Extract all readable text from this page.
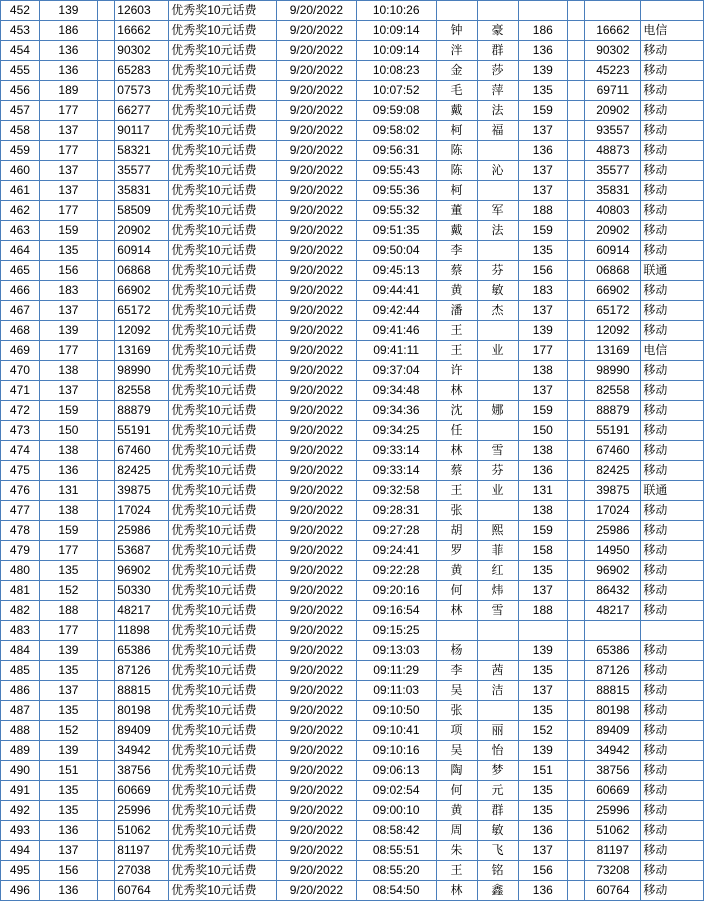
452	139		12603	优秀奖10元话费	9/20/2022	10:10:26						
453	186		16662	优秀奖10元话费	9/20/2022	10:09:14	钟	豪	186		16662	电信
454	136		90302	优秀奖10元话费	9/20/2022	10:09:14	泮	群	136		90302	移动
455	136		65283	优秀奖10元话费	9/20/2022	10:08:23	金	莎	139		45223	移动
456	189		07573	优秀奖10元话费	9/20/2022	10:07:52	毛	萍	135		69711	移动
457	177		66277	优秀奖10元话费	9/20/2022	09:59:08	戴	法	159		20902	移动
458	137		90117	优秀奖10元话费	9/20/2022	09:58:02	柯	福	137		93557	移动
459	177		58321	优秀奖10元话费	9/20/2022	09:56:31	陈		136		48873	移动
460	137		35577	优秀奖10元话费	9/20/2022	09:55:43	陈	沁	137		35577	移动
461	137		35831	优秀奖10元话费	9/20/2022	09:55:36	柯		137		35831	移动
462	177		58509	优秀奖10元话费	9/20/2022	09:55:32	董	军	188		40803	移动
463	159		20902	优秀奖10元话费	9/20/2022	09:51:35	戴	法	159		20902	移动
464	135		60914	优秀奖10元话费	9/20/2022	09:50:04	李		135		60914	移动
465	156		06868	优秀奖10元话费	9/20/2022	09:45:13	蔡	芬	156		06868	联通
466	183		66902	优秀奖10元话费	9/20/2022	09:44:41	黄	敏	183		66902	移动
467	137		65172	优秀奖10元话费	9/20/2022	09:42:44	潘	杰	137		65172	移动
468	139		12092	优秀奖10元话费	9/20/2022	09:41:46	王		139		12092	移动
469	177		13169	优秀奖10元话费	9/20/2022	09:41:11	王	业	177		13169	电信
470	138		98990	优秀奖10元话费	9/20/2022	09:37:04	许		138		98990	移动
471	137		82558	优秀奖10元话费	9/20/2022	09:34:48	林		137		82558	移动
472	159		88879	优秀奖10元话费	9/20/2022	09:34:36	沈	娜	159		88879	移动
473	150		55191	优秀奖10元话费	9/20/2022	09:34:25	任		150		55191	移动
474	138		67460	优秀奖10元话费	9/20/2022	09:33:14	林	雪	138		67460	移动
475	136		82425	优秀奖10元话费	9/20/2022	09:33:14	蔡	芬	136		82425	移动
476	131		39875	优秀奖10元话费	9/20/2022	09:32:58	王	业	131		39875	联通
477	138		17024	优秀奖10元话费	9/20/2022	09:28:31	张		138		17024	移动
478	159		25986	优秀奖10元话费	9/20/2022	09:27:28	胡	熙	159		25986	移动
479	177		53687	优秀奖10元话费	9/20/2022	09:24:41	罗	菲	158		14950	移动
480	135		96902	优秀奖10元话费	9/20/2022	09:22:28	黄	红	135		96902	移动
481	152		50330	优秀奖10元话费	9/20/2022	09:20:16	何	炜	137		86432	移动
482	188		48217	优秀奖10元话费	9/20/2022	09:16:54	林	雪	188		48217	移动
483	177		11898	优秀奖10元话费	9/20/2022	09:15:25						
484	139		65386	优秀奖10元话费	9/20/2022	09:13:03	杨		139		65386	移动
485	135		87126	优秀奖10元话费	9/20/2022	09:11:29	李	茜	135		87126	移动
486	137		88815	优秀奖10元话费	9/20/2022	09:11:03	吴	洁	137		88815	移动
487	135		80198	优秀奖10元话费	9/20/2022	09:10:50	张		135		80198	移动
488	152		89409	优秀奖10元话费	9/20/2022	09:10:41	项	丽	152		89409	移动
489	139		34942	优秀奖10元话费	9/20/2022	09:10:16	吴	怡	139		34942	移动
490	151		38756	优秀奖10元话费	9/20/2022	09:06:13	陶	梦	151		38756	移动
491	135		60669	优秀奖10元话费	9/20/2022	09:02:54	何	元	135		60669	移动
492	135		25996	优秀奖10元话费	9/20/2022	09:00:10	黄	群	135		25996	移动
493	136		51062	优秀奖10元话费	9/20/2022	08:58:42	周	敏	136		51062	移动
494	137		81197	优秀奖10元话费	9/20/2022	08:55:51	朱	飞	137		81197	移动
495	156		27038	优秀奖10元话费	9/20/2022	08:55:20	王	铭	156		73208	移动
496	136		60764	优秀奖10元话费	9/20/2022	08:54:50	林	鑫	136		60764	移动
